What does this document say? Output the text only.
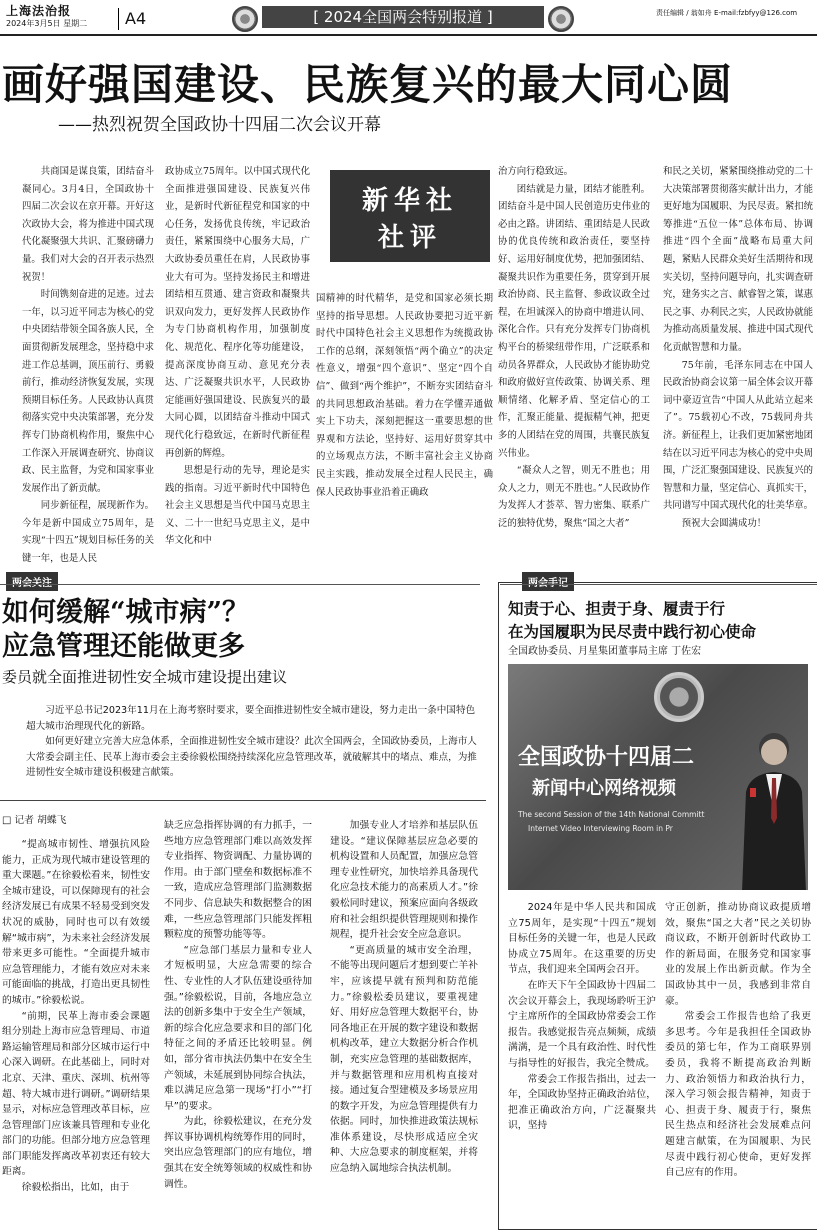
上海法治报
2024年3月5日 星期二	A4	[ 2024全国两会特别报道 ]	责任编辑 / 翁如舟 E-mail:fzbfyy@126.com
画好强国建设、民族复兴的最大同心圆
——热烈祝贺全国政协十四届二次会议开幕
新华社
社评

共商国是谋良策，团结奋斗凝同心。3月4日，全国政协十四届二次会议在京开幕。开好这次政协大会，将为推进中国式现代化凝聚强大共识、汇聚磅礴力量。我们对大会的召开表示热烈祝贺！

时间镌刻奋进的足迹。过去一年，以习近平同志为核心的党中央团结带领全国各族人民，全面贯彻新发展理念，坚持稳中求进工作总基调，顶压前行、勇毅前行，推动经济恢复发展，实现预期目标任务。人民政协认真贯彻落实党中央决策部署，充分发挥专门协商机构作用，聚焦中心工作深入开展调查研究、协商议政、民主监督，为党和国家事业发展作出了新贡献。

同步新征程，展现新作为。今年是新中国成立75周年，是实现“十四五”规划目标任务的关键一年，也是人民

政协成立75周年。以中国式现代化全面推进强国建设、民族复兴伟业，是新时代新征程党和国家的中心任务，发扬优良传统，牢记政治责任，紧紧围绕中心服务大局，广大政协委员重任在肩，人民政协事业大有可为。坚持发扬民主和增进团结相互贯通、建言资政和凝聚共识双向发力，更好发挥人民政协作为专门协商机构作用，加强制度化、规范化、程序化等功能建设，提高深度协商互动、意见充分表达、广泛凝聚共识水平，人民政协定能画好强国建设、民族复兴的最大同心圆，以团结奋斗推动中国式现代化行稳致远，在新时代新征程再创新的辉煌。

思想是行动的先导，理论是实践的指南。习近平新时代中国特色社会主义思想是当代中国马克思主义、二十一世纪马克思主义，是中华文化和中

国精神的时代精华，是党和国家必须长期坚持的指导思想。人民政协要把习近平新时代中国特色社会主义思想作为统揽政协工作的总纲，深刻领悟“两个确立”的决定性意义，增强“四个意识”、坚定“四个自信”、做到“两个维护”，不断夯实团结奋斗的共同思想政治基础。着力在学懂弄通做实上下功夫，深刻把握这一重要思想的世界观和方法论，坚持好、运用好贯穿其中的立场观点方法，不断丰富社会主义协商民主实践，推动发展全过程人民民主，确保人民政协事业沿着正确政

治方向行稳致远。

团结就是力量，团结才能胜利。团结奋斗是中国人民创造历史伟业的必由之路。讲团结、重团结是人民政协的优良传统和政治责任，要坚持好、运用好制度优势，把加强团结、凝聚共识作为重要任务，贯穿到开展政治协商、民主监督、参政议政全过程，在坦诚深入的协商中增进认同、深化合作。只有充分发挥专门协商机构平台的桥梁纽带作用，广泛联系和动员各界群众，人民政协才能协助党和政府做好宣传政策、协调关系、理顺情绪、化解矛盾、坚定信心的工作，汇聚正能量、提振精气神，把更多的人团结在党的周围，共襄民族复兴伟业。

“凝众人之智，则无不胜也；用众人之力，则无不胜也。”人民政协作为发挥人才荟萃、智力密集、联系广泛的独特优势，聚焦“国之大者”

和民之关切，紧紧围绕推动党的二十大决策部署贯彻落实献计出力，才能更好地为国履职、为民尽责。紧扣统筹推进“五位一体”总体布局、协调推进“四个全面”战略布局重大问题，紧贴人民群众美好生活期待和现实关切，坚持问题导向，扎实调查研究，建务实之言、献睿智之策，谋惠民之事、办利民之实，人民政协就能为推动高质量发展、推进中国式现代化贡献智慧和力量。

75年前，毛泽东同志在中国人民政治协商会议第一届全体会议开幕词中豪迈宣告“中国人从此站立起来了”。75载初心不改，75载同舟共济。新征程上，让我们更加紧密地团结在以习近平同志为核心的党中央周围，广泛汇聚强国建设、民族复兴的智慧和力量，坚定信心、真抓实干，共同谱写中国式现代化的壮美华章。

预祝大会圆满成功！

如何缓解“城市病”？
应急管理还能做更多
委员就全面推进韧性安全城市建设提出建议

习近平总书记2023年11月在上海考察时要求，要全面推进韧性安全城市建设，努力走出一条中国特色超大城市治理现代化的新路。

如何更好建立完善大应急体系，全面推进韧性安全城市建设？此次全国两会，全国政协委员，上海市人大常委会副主任、民革上海市委会主委徐毅松围绕持续深化应急管理改革，就破解其中的堵点、难点，为推进韧性安全城市建设积极建言献策。

□ 记者 胡蝶飞

“提高城市韧性、增强抗风险能力，正成为现代城市建设管理的重大课题。”在徐毅松看来，韧性安全城市建设，可以保障现有的社会经济发展已有成果不轻易受到突发状况的威胁，同时也可以有效缓解“城市病”，为未来社会经济发展带来更多可能性。“全面提升城市应急管理能力，才能有效应对未来可能面临的挑战，打造出更具韧性的城市。”徐毅松说。

“前期，民革上海市委会课题组分别赴上海市应急管理局、市道路运输管理局和部分区城市运行中心深入调研。在此基础上，同时对北京、天津、重庆、深圳、杭州等超、特大城市进行调研。”调研结果显示，对标应急管理改革目标，应急管理部门应该兼具管理和专业化部门的功能。但部分地方应急管理部门职能发挥离改革初衷还有较大距离。

徐毅松指出，比如，由于

缺乏应急指挥协调的有力抓手，一些地方应急管理部门难以高效发挥专业指挥、物资调配、力量协调的作用。由于部门壁垒和数据标准不一致，造成应急管理部门监测数据不同步、信息缺失和数据整合的困难，一些应急管理部门只能发挥粗颗粒度的预警功能等等。

“应急部门基层力量和专业人才短板明显，大应急需要的综合性、专业性的人才队伍建设亟待加强。”徐毅松说，目前，各地应急立法的创新多集中于安全生产领域，新的综合化应急要求和目的部门化特征之间的矛盾还比较明显。例如，部分省市执法仍集中在安全生产领域，未延展到协同综合执法，难以满足应急第一现场“打小”“打早”的要求。

为此，徐毅松建议，在充分发挥议事协调机构统筹作用的同时，突出应急管理部门的应有地位，增强其在安全统筹领域的权威性和协调性。

加强专业人才培养和基层队伍建设。“建议保障基层应急必要的机构设置和人员配置，加强应急管理专业性研究，加快培养具备现代化应急技术能力的高素质人才。”徐毅松同时建议，预案应面向各级政府和社会组织提供管理规则和操作规程，提升社会安全应急意识。

“更高质量的城市安全治理，不能等出现问题后才想到要亡羊补牢，应该提早就有预判和防范能力。”徐毅松委员建议，要重视建好、用好应急管理大数据平台，协同各地正在开展的数字建设和数据机构改革，建立大数据分析合作机制，充实应急管理的基础数据库，并与数据管理和应用机构直接对接。通过复合型建模及多场景应用的数字开发，为应急管理提供有力依据。同时，加快推进政策法规标准体系建设，尽快形成适应全灾种、大应急要求的制度框架，并将应急纳入属地综合执法机制。

知责于心、担责于身、履责于行
在为国履职为民尽责中践行初心使命
全国政协委员、月星集团董事局主席 丁佐宏
全国政协十四届二
新闻中心网络视频
The second Session of the 14th National Committ
Internet Video Interviewing Room in Pr

2024年是中华人民共和国成立75周年，是实现“十四五”规划目标任务的关键一年，也是人民政协成立75周年。在这重要的历史节点，我们迎来全国两会召开。

在昨天下午全国政协十四届二次会议开幕会上，我现场聆听王沪宁主席所作的全国政协常委会工作报告。我感觉报告亮点频频，成绩满满，是一个具有政治性、时代性与指导性的好报告，我完全赞成。

常委会工作报告指出，过去一年，全国政协坚持正确政治站位，把准正确政治方向，广泛凝聚共识，坚持

守正创新，推动协商议政提质增效，聚焦“国之大者”民之关切协商议政，不断开创新时代政协工作的新局面，在服务党和国家事业的发展上作出新贡献。作为全国政协其中一员，我感到非常自豪。

常委会工作报告也给了我更多思考。今年是我担任全国政协委员的第七年，作为工商联界别委员，我将不断提高政治判断力、政治领悟力和政治执行力，深入学习领会报告精神，知责于心、担责于身、履责于行，聚焦民生热点和经济社会发展难点问题建言献策，在为国履职、为民尽责中践行初心使命，更好发挥自己应有的作用。
